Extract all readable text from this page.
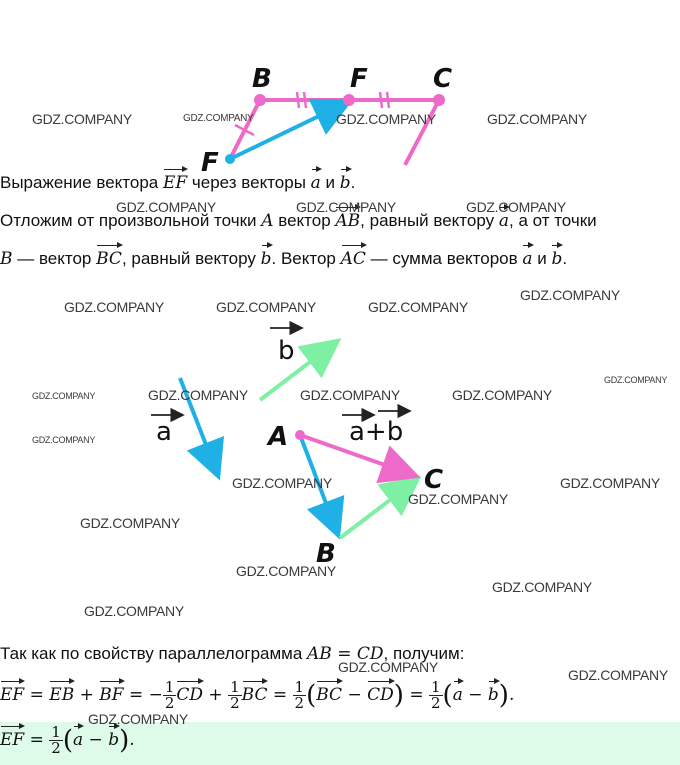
B	F	C
F
Выражение вектора EF через векторы a и b.
Отложим от произвольной точки A вектор AB, равный вектору a, а от точки
B — вектор BC, равный вектору b. Вектор AC — сумма векторов a и b.
b
a	a+b
A
C
B
Так как по свойству параллелограмма AB = CD, получим:
EF = EB + BF = − $\frac{1}{2}$ CD + $\frac{1}{2}$ BC = $\frac{1}{2} (BC - CD) = \frac{1}{2} (a - b)$.
EF = $\frac{1}{2} (a - b)$.
GDZ.COMPANY	GDZ.COMPANY	GDZ.COMPANY	GDZ.COMPANY
GDZ.COMPANY	GDZ.COMPANY	GDZ.COMPANY
GDZ.COMPANY	GDZ.COMPANY	GDZ.COMPANY
GDZ.COMPANY
GDZ.COMPANY	GDZ.COMPANY	GDZ.COMPANY	GDZ.COMPANY
GDZ.COMPANY
GDZ.COMPANY
GDZ.COMPANY
GDZ.COMPANY
GDZ.COMPANY
GDZ.COMPANY
GDZ.COMPANY
GDZ.COMPANY
GDZ.COMPANY
GDZ.COMPANY	GDZ.COMPANY
GDZ.COMPANY
